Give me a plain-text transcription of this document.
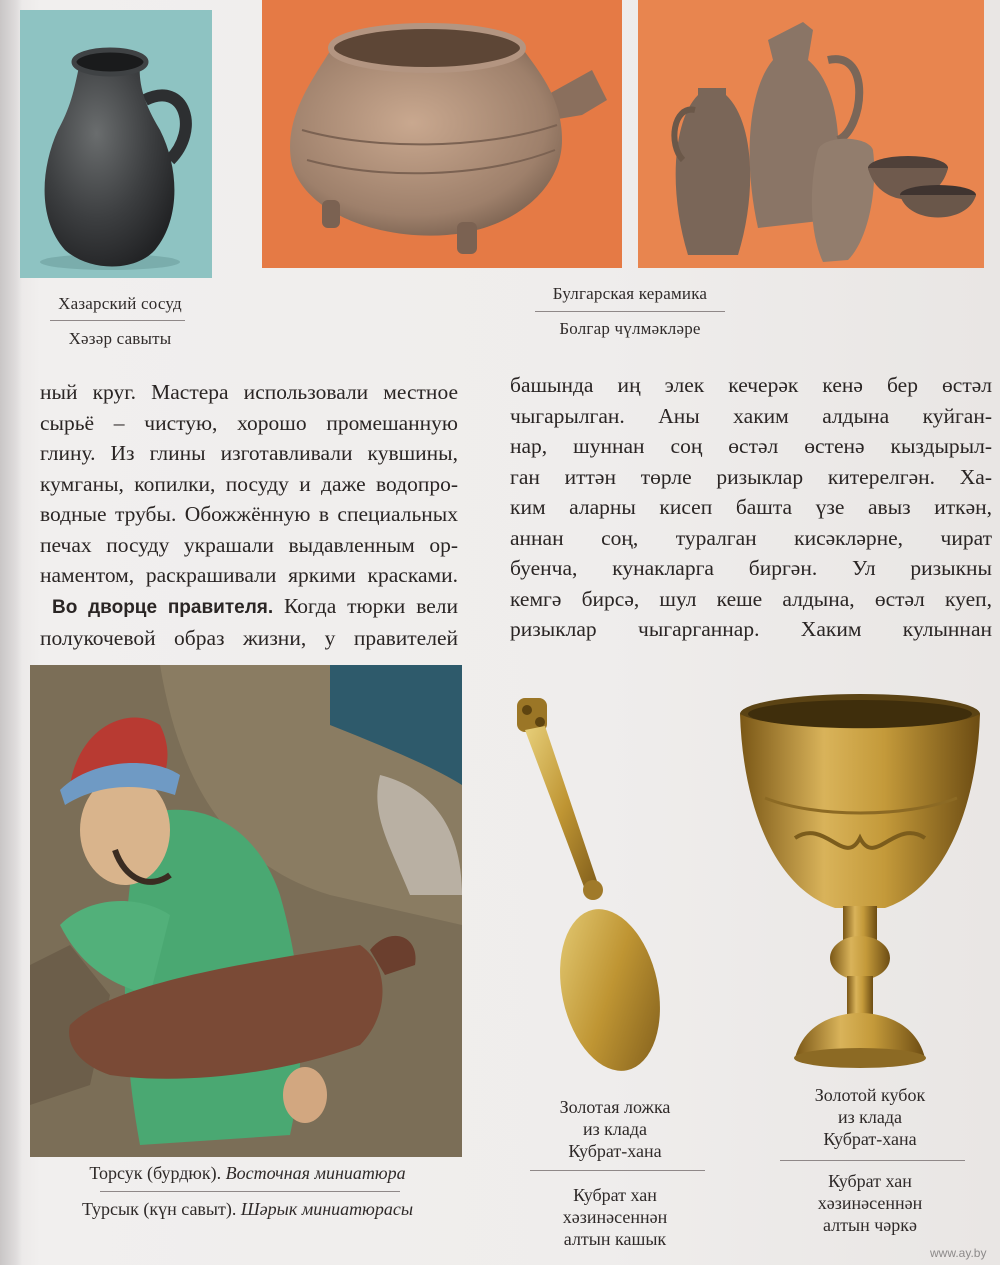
Хазарский сосуд
Хәзәр савыты
Булгарская керамика
Болгар чүлмәкләре
ный круг. Мастера использовали местное
сырьё – чистую, хорошо промешанную
глину. Из глины изготавливали кувшины,
кумганы, копилки, посуду и даже водопро-
водные трубы. Обожжённую в специальных
печах посуду украшали выдавленным ор-
наментом, раскрашивали яркими красками.
Во дворце правителя. Когда тюрки вели
полукочевой образ жизни, у правителей
башында иң элек кечерәк кенә бер өстәл
чыгарылган. Аны хаким алдына куйган-
нар, шуннан соң өстәл өстенә кыздырыл-
ган иттән төрле ризыклар китерелгән. Ха-
ким аларны кисеп башта үзе авыз иткән,
аннан соң, туралган кисәкләрне, чират
буенча, кунакларга биргән. Ул ризыкны
кемгә бирсә, шул кеше алдына, өстәл куеп,
ризыклар чыгарганнар. Хаким кулыннан
Торсук (бурдюк). Восточная миниатюра
Турсык (күн савыт). Шәрык миниатюрасы
Золотая ложка
из клада
Кубрат-хана
Кубрат хан
хәзинәсеннән
алтын кашык
Золотой кубок
из клада
Кубрат-хана
Кубрат хан
хәзинәсеннән
алтын чәркә
www.ay.by
